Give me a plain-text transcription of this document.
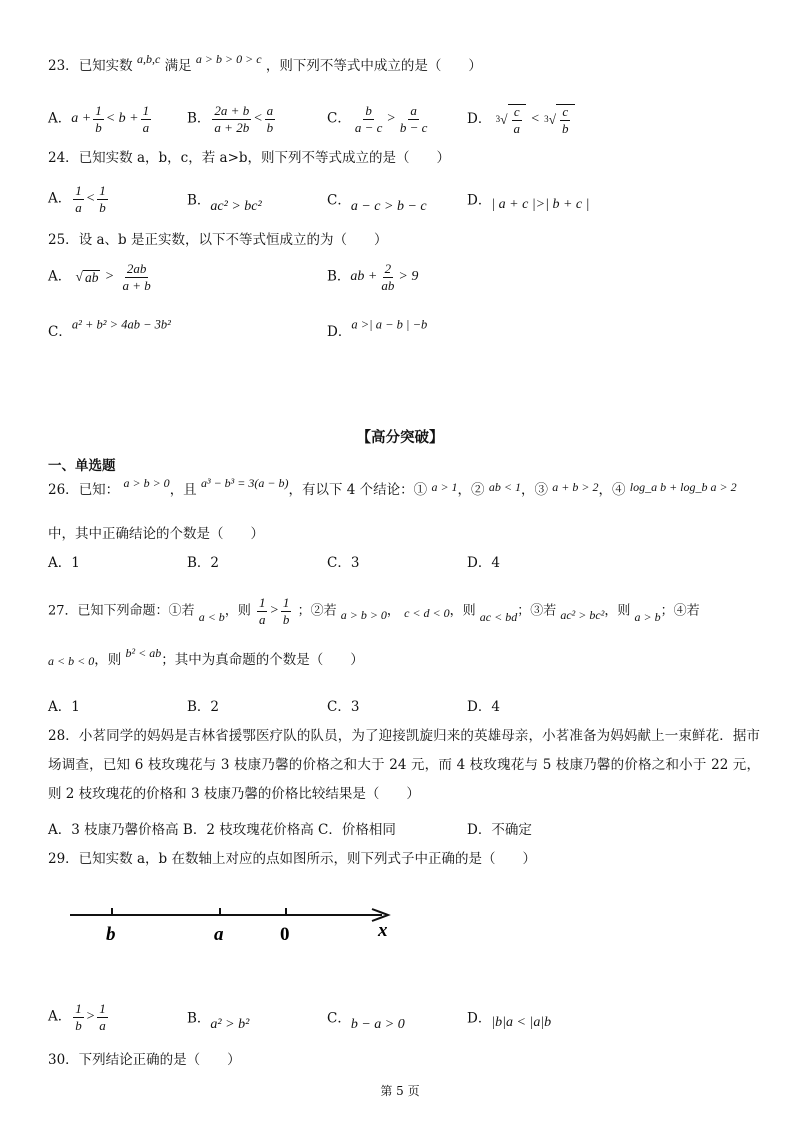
23．已知实数 a,b,c 满足 a > b > 0 > c ，则下列不等式中成立的是（　　）
A．$a + \frac{1}{b} < b + \frac{1}{a}$	B． $\frac{2a + b}{a + 2b} < \frac{a}{b}$	C． $\frac{b}{a - c} > \frac{a}{b - c}$	D． 3 √ $\frac{c}{a} < 3$ √ $\frac{c}{b}$
24．已知实数 a，b，c，若 a>b，则下列不等式成立的是（　　）
A． $\frac{1}{a} < \frac{1}{b}$	B．ac² > bc²	C．a − c > b − c	D．| a + c |>| b + c |
25．设 a、b 是正实数，以下不等式恒成立的为（　　）
A． √ ab > $\frac{2ab}{a + b}$	B．ab + $\frac{2}{ab} > 9$
C．a² + b² > 4ab − 3b²	D．a >| a − b | −b
【高分突破】
一、单选题
26．已知： a > b > 0，且 a³ − b³ = 3(a − b)，有以下 4 个结论：① a > 1，② ab < 1，③ a + b > 2，④ log_a b + log_b a > 2
中，其中正确结论的个数是（　　）
A．1	B．2	C．3	D．4
27．已知下列命题：①若 a < b，则 $\frac{1}{a} > \frac{1}{b}$ ；②若 a > b > 0， c < d < 0，则 ac < bd；③若 ac² > bc²，则 a > b；④若
a < b < 0，则 b² < ab；其中为真命题的个数是（　　）
A．1	B．2	C．3	D．4
28．小茗同学的妈妈是吉林省援鄂医疗队的队员，为了迎接凯旋归来的英雄母亲，小茗准备为妈妈献上一束鲜花．据市场调查，已知 6 枝玫瑰花与 3 枝康乃馨的价格之和大于 24 元，而 4 枝玫瑰花与 5 枝康乃馨的价格之和小于 22 元，则 2 枝玫瑰花的价格和 3 枝康乃馨的价格比较结果是（　　）
A．3 枝康乃馨价格高 B．2 枝玫瑰花价格高 C．价格相同	D．不确定
29．已知实数 a，b 在数轴上对应的点如图所示，则下列式子中正确的是（　　）
b	a	0	x
A． $\frac{1}{b} > \frac{1}{a}$	B．a² > b²	C．b − a > 0	D．|b|a < |a|b
30．下列结论正确的是（　　）
第 5 页
